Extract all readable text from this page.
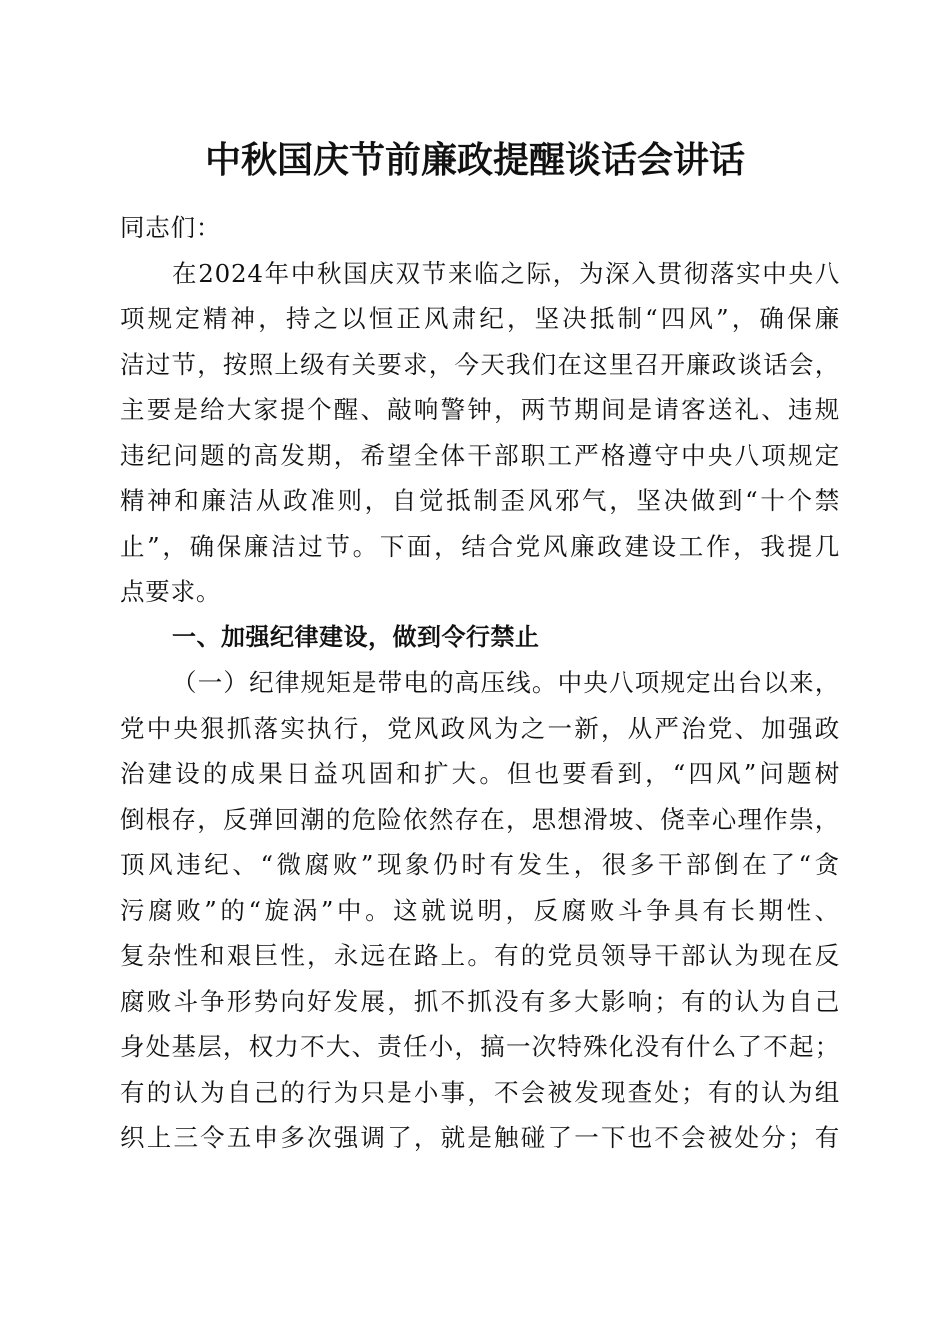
中秋国庆节前廉政提醒谈话会讲话
同志们：
在2024年中秋国庆双节来临之际，为深入贯彻落实中央八
项规定精神，持之以恒正风肃纪，坚决抵制“四风”，确保廉
洁过节，按照上级有关要求，今天我们在这里召开廉政谈话会，
主要是给大家提个醒、敲响警钟，两节期间是请客送礼、违规
违纪问题的高发期，希望全体干部职工严格遵守中央八项规定
精神和廉洁从政准则，自觉抵制歪风邪气，坚决做到“十个禁
止”，确保廉洁过节。下面，结合党风廉政建设工作，我提几
点要求。
一、加强纪律建设，做到令行禁止
（一）纪律规矩是带电的高压线。中央八项规定出台以来，
党中央狠抓落实执行，党风政风为之一新，从严治党、加强政
治建设的成果日益巩固和扩大。但也要看到，“四风”问题树
倒根存，反弹回潮的危险依然存在，思想滑坡、侥幸心理作祟，
顶风违纪、“微腐败”现象仍时有发生，很多干部倒在了“贪
污腐败”的“旋涡”中。这就说明，反腐败斗争具有长期性、
复杂性和艰巨性，永远在路上。有的党员领导干部认为现在反
腐败斗争形势向好发展，抓不抓没有多大影响；有的认为自己
身处基层，权力不大、责任小，搞一次特殊化没有什么了不起；
有的认为自己的行为只是小事，不会被发现查处；有的认为组
织上三令五申多次强调了，就是触碰了一下也不会被处分；有
